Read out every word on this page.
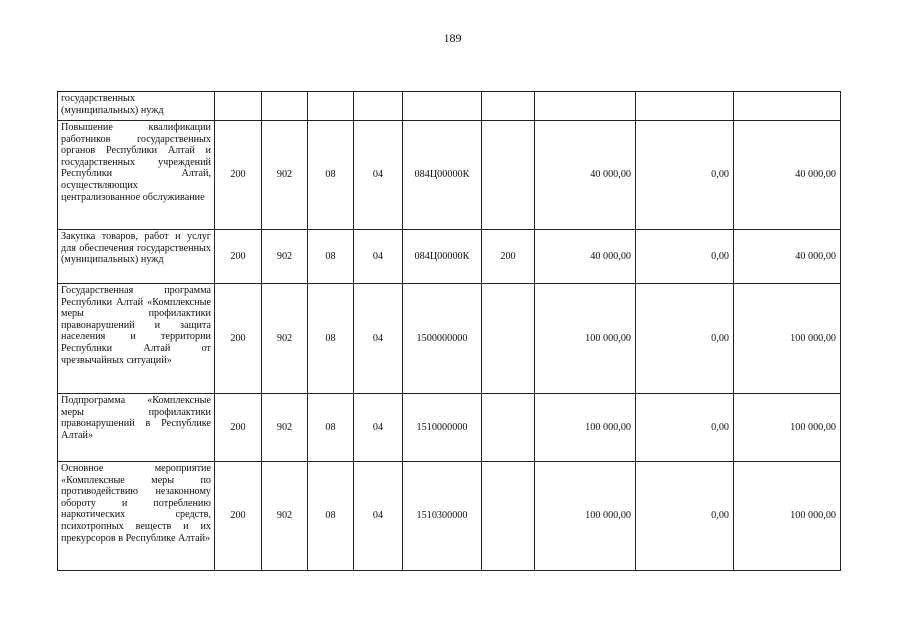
189
государственных (муниципальных) нужд									
Повышение квалификации работников государственных органов Республики Алтай и государственных учреждений Республики Алтай, осуществляющих централизованное обслуживание	200	902	08	04	084Ц00000К		40 000,00	0,00	40 000,00
Закупка товаров, работ и услуг для обеспечения государственных (муниципальных) нужд	200	902	08	04	084Ц00000К	200	40 000,00	0,00	40 000,00
Государственная программа Республики Алтай «Комплексные меры профилактики правонарушений и защита населения и территории Республики Алтай от чрезвычайных ситуаций»	200	902	08	04	1500000000		100 000,00	0,00	100 000,00
Подпрограмма «Комплексные меры профилактики правонарушений в Республике Алтай»	200	902	08	04	1510000000		100 000,00	0,00	100 000,00
Основное мероприятие «Комплексные меры по противодействию незаконному обороту и потреблению наркотических средств, психотропных веществ и их прекурсоров в Республике Алтай»	200	902	08	04	1510300000		100 000,00	0,00	100 000,00
